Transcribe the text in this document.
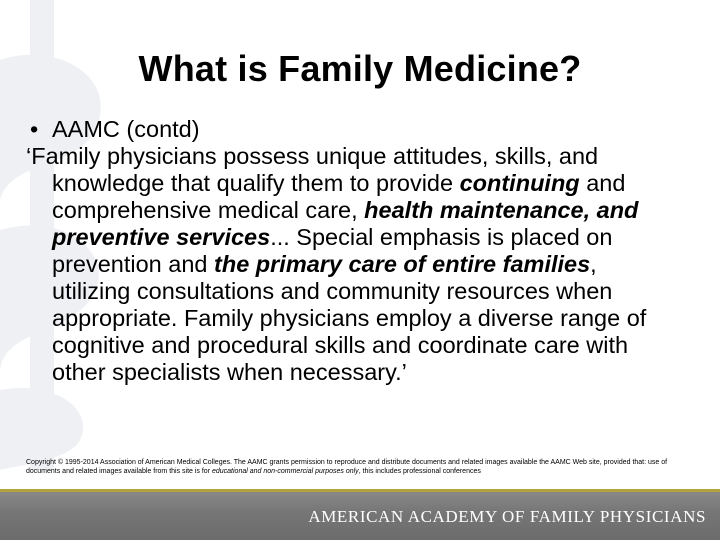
What is Family Medicine?
• AAMC (contd)

‘Family physicians possess unique attitudes, skills, and knowledge that qualify them to provide continuing and comprehensive medical care, health maintenance, and preventive services... Special emphasis is placed on prevention and the primary care of entire families, utilizing consultations and community resources when appropriate. Family physicians employ a diverse range of cognitive and procedural skills and coordinate care with other specialists when necessary.’

Copyright © 1995-2014 Association of American Medical Colleges. The AAMC grants permission to reproduce and distribute documents and related images available the AAMC Web site, provided that: use of documents and related images available from this site is for educational and non-commercial purposes only, this includes professional conferences
AMERICAN ACADEMY OF FAMILY PHYSICIANS
